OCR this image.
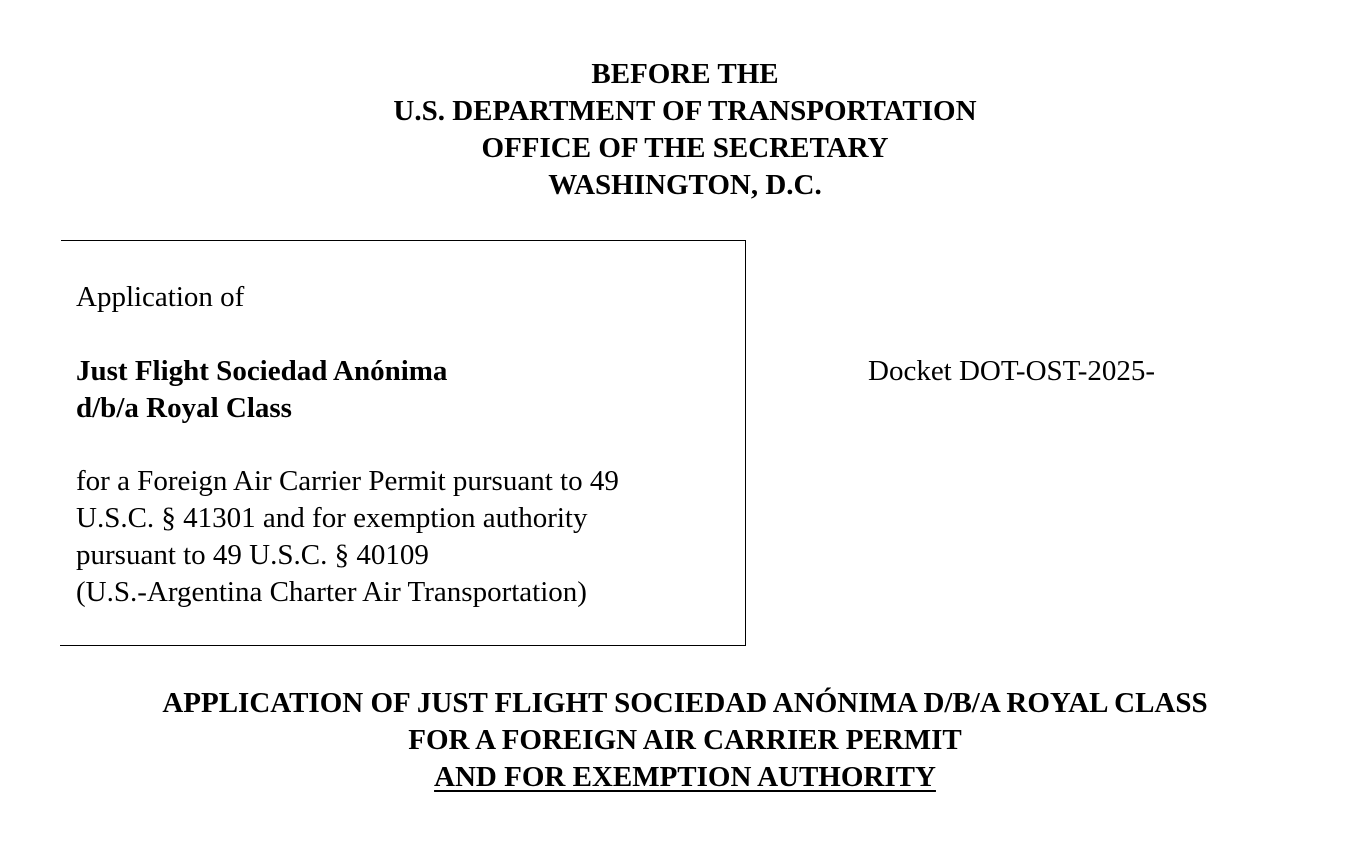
BEFORE THE
U.S. DEPARTMENT OF TRANSPORTATION
OFFICE OF THE SECRETARY
WASHINGTON, D.C.
Application of
Just Flight Sociedad Anónima
d/b/a Royal Class
for a Foreign Air Carrier Permit pursuant to 49
U.S.C. § 41301 and for exemption authority
pursuant to 49 U.S.C. § 40109
(U.S.-Argentina Charter Air Transportation)
Docket DOT-OST-2025-
APPLICATION OF JUST FLIGHT SOCIEDAD ANÓNIMA D/B/A ROYAL CLASS
FOR A FOREIGN AIR CARRIER PERMIT
AND FOR EXEMPTION AUTHORITY
